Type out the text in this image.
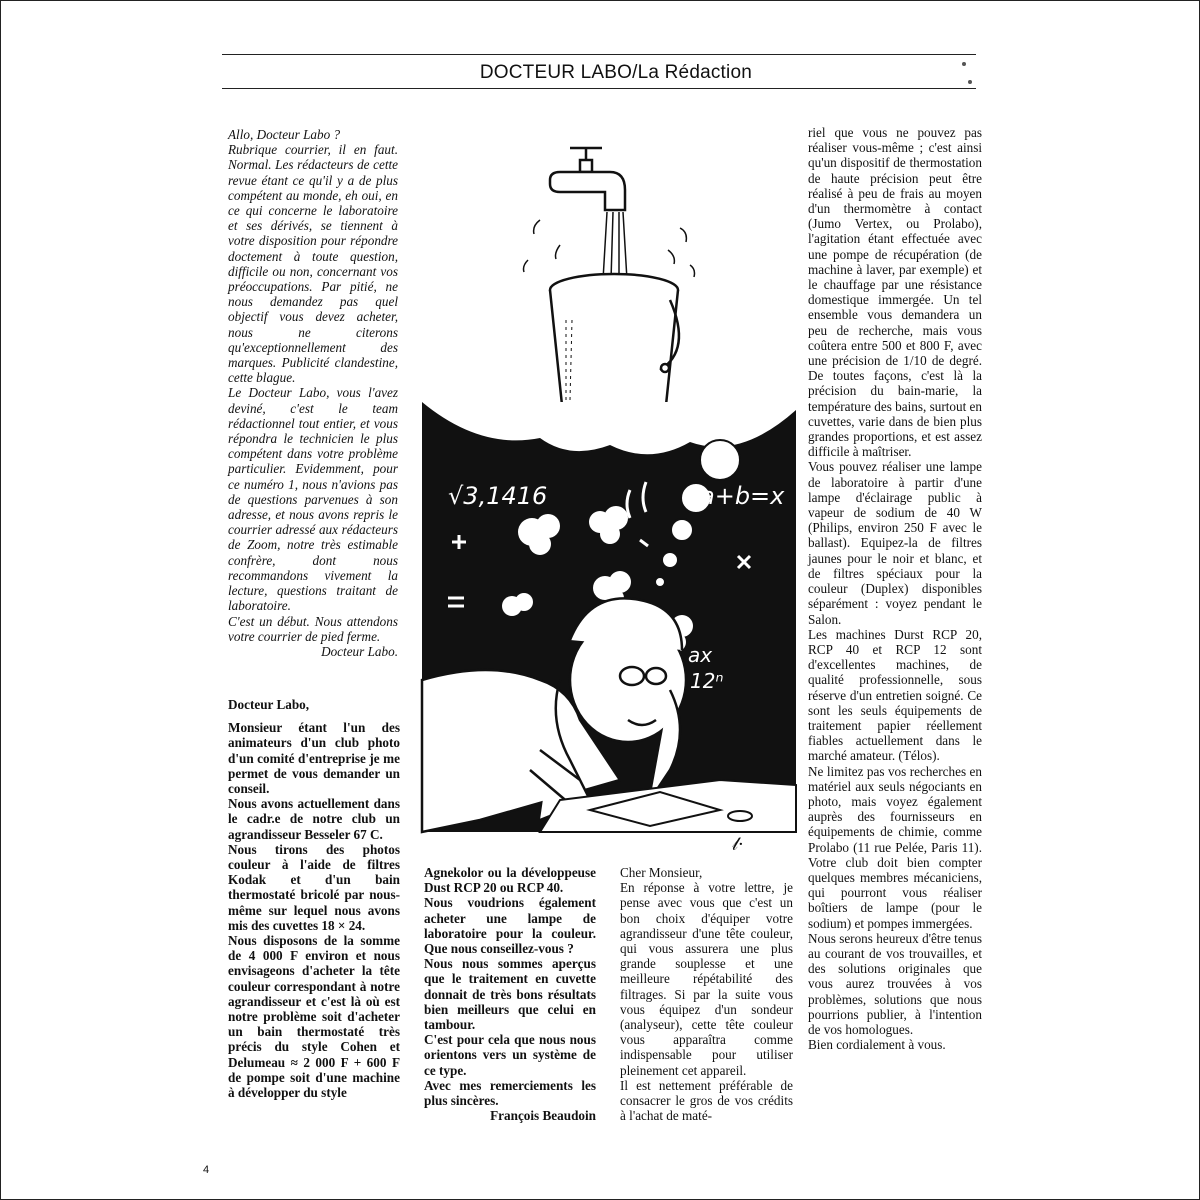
DOCTEUR LABO/La Rédaction

Allo, Docteur Labo ?

Rubrique courrier, il en faut. Normal. Les rédacteurs de cette revue étant ce qu'il y a de plus compétent au monde, eh oui, en ce qui concerne le laboratoire et ses dérivés, se tiennent à votre disposition pour répondre doctement à toute question, difficile ou non, concernant vos préoccupations. Par pitié, ne nous demandez pas quel objectif vous devez acheter, nous ne citerons qu'exceptionnellement des marques. Publicité clandestine, cette blague.

Le Docteur Labo, vous l'avez deviné, c'est le team rédactionnel tout entier, et vous répondra le technicien le plus compétent dans votre problème particulier. Evidemment, pour ce numéro 1, nous n'avions pas de questions parvenues à son adresse, et nous avons repris le courrier adressé aux rédacteurs de Zoom, notre très estimable confrère, dont nous recommandons vivement la lecture, questions traitant de laboratoire.

C'est un début. Nous attendons votre courrier de pied ferme.

Docteur Labo.

Docteur Labo,

Monsieur étant l'un des animateurs d'un club photo d'un comité d'entreprise je me permet de vous demander un conseil.

Nous avons actuellement dans le cadr.e de notre club un agrandisseur Besseler 67 C.

Nous tirons des photos couleur à l'aide de filtres Kodak et d'un bain thermostaté bricolé par nous-même sur lequel nous avons mis des cuvettes 18 × 24.

Nous disposons de la somme de 4 000 F environ et nous envisageons d'acheter la tête couleur correspondant à notre agrandisseur et c'est là où est notre problème soit d'acheter un bain thermostaté très précis du style Cohen et Delumeau ≈ 2 000 F + 600 F de pompe soit d'une machine à développer du style

Agnekolor ou la développeuse Dust RCP 20 ou RCP 40.

Nous voudrions également acheter une lampe de laboratoire pour la couleur. Que nous conseillez-vous ?

Nous nous sommes aperçus que le traitement en cuvette donnait de très bons résultats bien meilleurs que celui en tambour.

C'est pour cela que nous nous orientons vers un système de ce type.

Avec mes remerciements les plus sincères.

François Beaudoin

Cher Monsieur,

En réponse à votre lettre, je pense avec vous que c'est un bon choix d'équiper votre agrandisseur d'une tête couleur, qui vous assurera une plus grande souplesse et une meilleure répétabilité des filtrages. Si par la suite vous vous équipez d'un sondeur (analyseur), cette tête couleur vous apparaîtra comme indispensable pour utiliser pleinement cet appareil.

Il est nettement préférable de consacrer le gros de vos crédits à l'achat de maté-

riel que vous ne pouvez pas réaliser vous-même ; c'est ainsi qu'un dispositif de thermostation de haute précision peut être réalisé à peu de frais au moyen d'un thermomètre à contact (Jumo Vertex, ou Prolabo), l'agitation étant effectuée avec une pompe de récupération (de machine à laver, par exemple) et le chauffage par une résistance domestique immergée. Un tel ensemble vous demandera un peu de recherche, mais vous coûtera entre 500 et 800 F, avec une précision de 1/10 de degré. De toutes façons, c'est là la précision du bain-marie, la température des bains, surtout en cuvettes, varie dans de bien plus grandes proportions, et est assez difficile à maîtriser.

Vous pouvez réaliser une lampe de laboratoire à partir d'une lampe d'éclairage public à vapeur de sodium de 40 W (Philips, environ 250 F avec le ballast). Equipez-la de filtres jaunes pour le noir et blanc, et de filtres spéciaux pour la couleur (Duplex) disponibles séparément : voyez pendant le Salon.

Les machines Durst RCP 20, RCP 40 et RCP 12 sont d'excellentes machines, de qualité professionnelle, sous réserve d'un entretien soigné. Ce sont les seuls équipements de traitement papier réellement fiables actuellement dans le marché amateur. (Télos).

Ne limitez pas vos recherches en matériel aux seuls négociants en photo, mais voyez également auprès des fournisseurs en équipements de chimie, comme Prolabo (11 rue Pelée, Paris 11). Votre club doit bien compter quelques membres mécaniciens, qui pourront vous réaliser boîtiers de lampe (pour le sodium) et pompes immergées.

Nous serons heureux d'être tenus au courant de vos trouvailles, et des solutions originales que vous aurez trouvées à vos problèmes, solutions que nous pourrions publier, à l'intention de vos homologues.

Bien cordialement à vous.

√3,1416	a+b=x
ax
12ⁿ
𝓁·
4
